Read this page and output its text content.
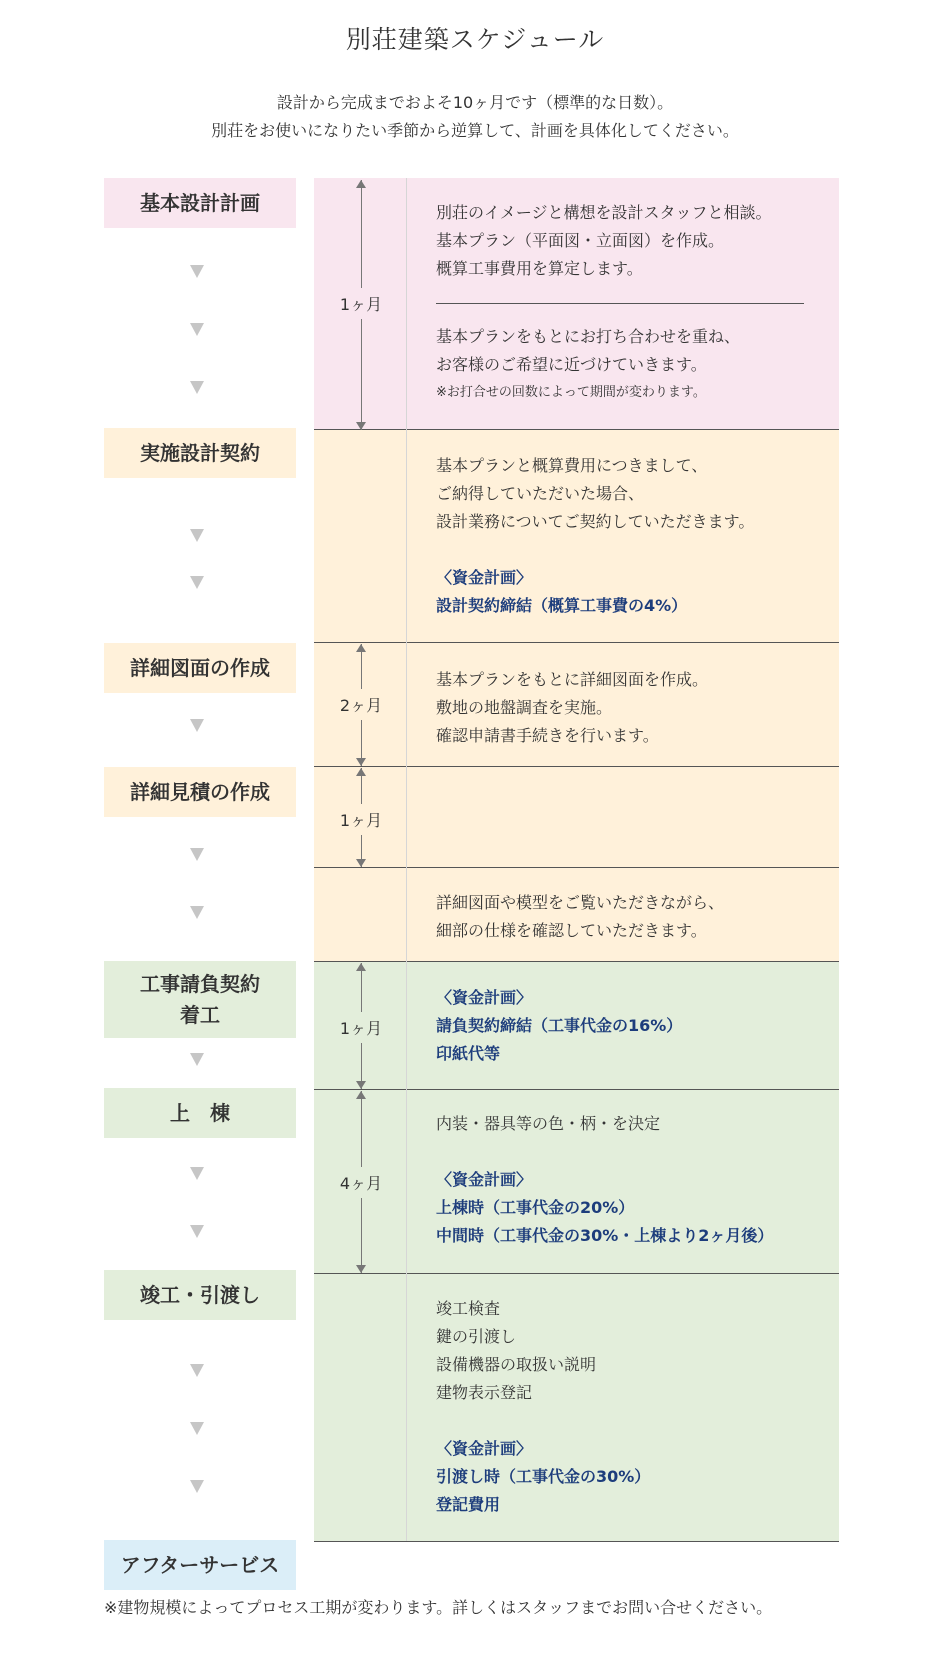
別荘建築スケジュール
設計から完成までおよそ10ヶ月です（標準的な日数）。
別荘をお使いになりたい季節から逆算して、計画を具体化してください。
基本設計計画
実施設計契約
詳細図面の作成
詳細見積の作成
工事請負契約
着工
上　棟
竣工・引渡し
アフターサービス
1ヶ月
2ヶ月
1ヶ月
1ヶ月
4ヶ月
別荘のイメージと構想を設計スタッフと相談。
基本プラン（平面図・立面図）を作成。
概算工事費用を算定します。
基本プランをもとにお打ち合わせを重ね、
お客様のご希望に近づけていきます。
※お打合せの回数によって期間が変わります。
基本プランと概算費用につきまして、
ご納得していただいた場合、
設計業務についてご契約していただきます。
〈資金計画〉
設計契約締結（概算工事費の4%）
基本プランをもとに詳細図面を作成。
敷地の地盤調査を実施。
確認申請書手続きを行います。
詳細図面や模型をご覧いただきながら、
細部の仕様を確認していただきます。
〈資金計画〉
請負契約締結（工事代金の16%）
印紙代等
内装・器具等の色・柄・を決定
〈資金計画〉
上棟時（工事代金の20%）
中間時（工事代金の30%・上棟より2ヶ月後）
竣工検査
鍵の引渡し
設備機器の取扱い説明
建物表示登記
〈資金計画〉
引渡し時（工事代金の30%）
登記費用
※建物規模によってプロセス工期が変わります。詳しくはスタッフまでお問い合せください。
